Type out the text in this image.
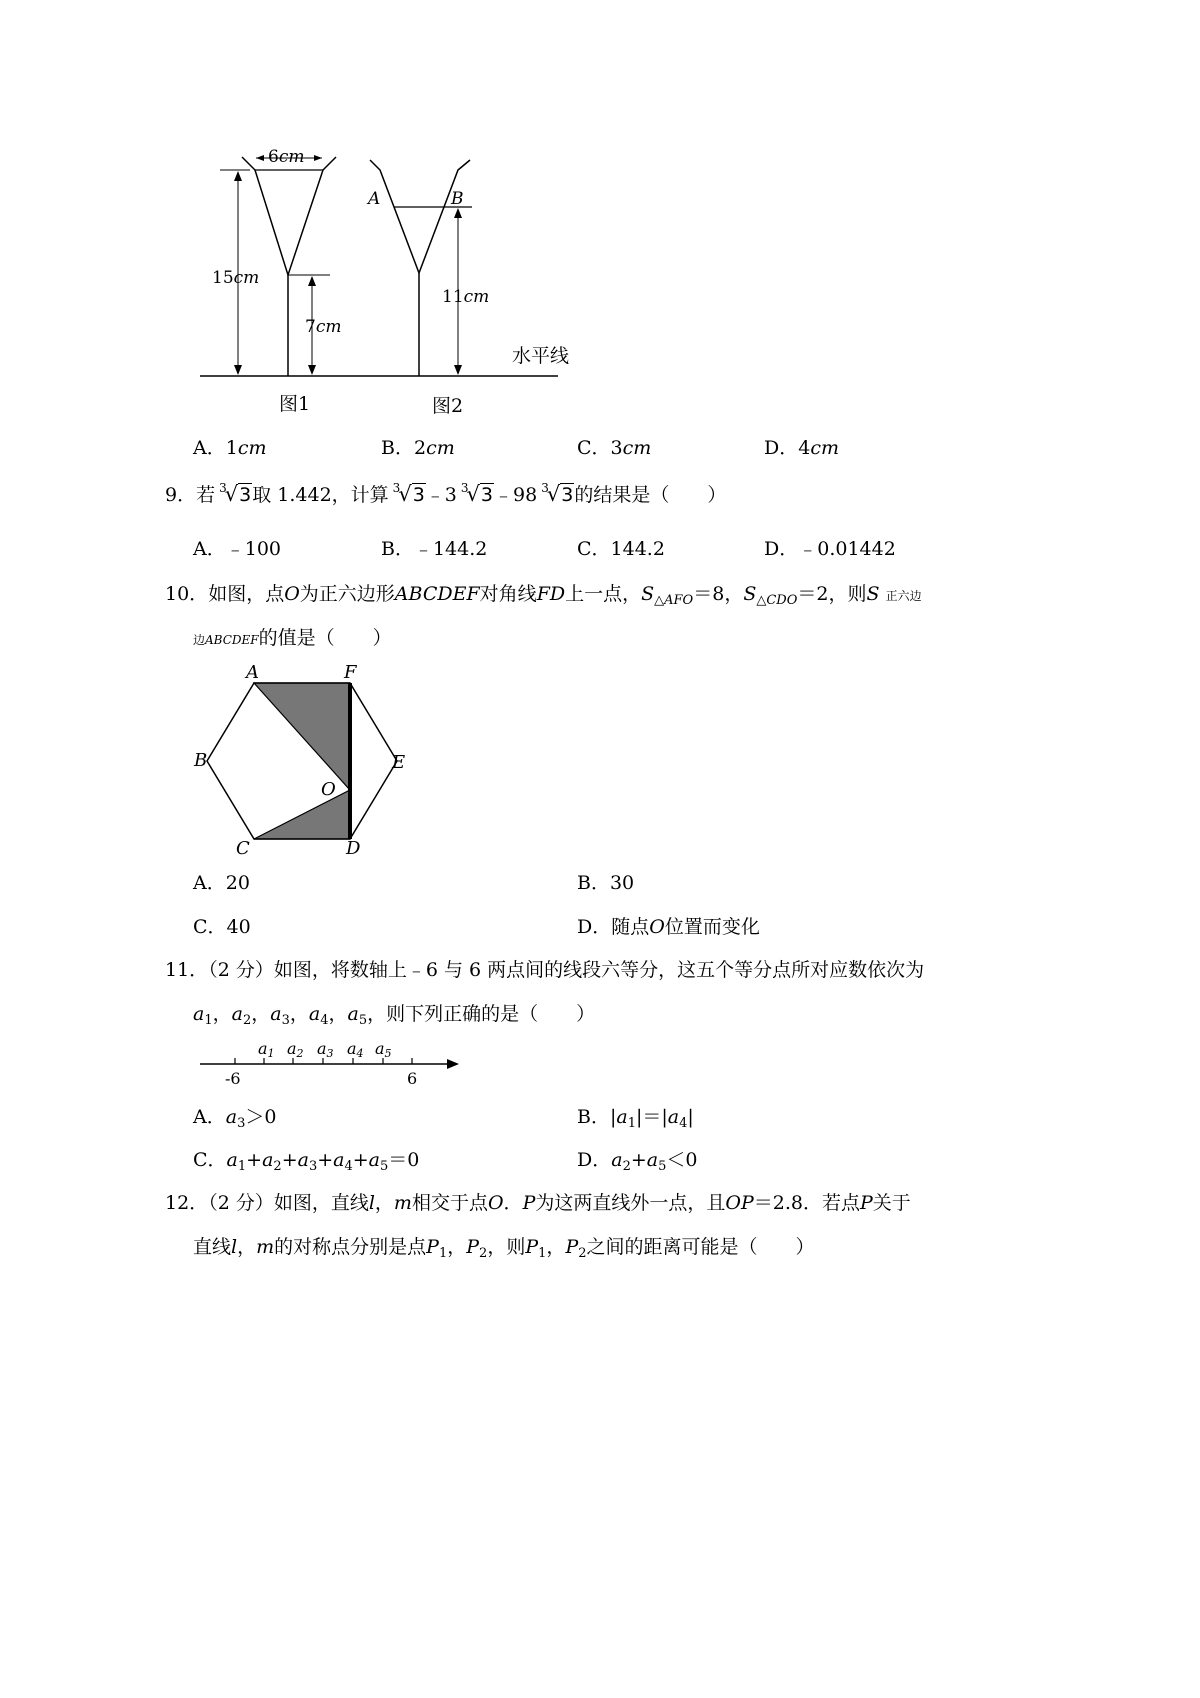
6cm
15cm
7cm
图1
A	B
11cm
图2
水平线
A．1cm	B．2cm	C．3cm	D．4cm
9．若 $^3$√3取 1.442，计算 $^3$√3﹣3 $^3$√3﹣98 $^3$√3的结果是（　　）
A．﹣100	B．﹣144.2	C．144.2	D．﹣0.01442
10．如图，点O为正六边形ABCDEF对角线FD上一点，$S_{\triangle AFO}=8$，$S_{\triangle CDO}=2$，则S 正六边
边ABCDEF的值是（　　）
A	F
B	E
O
C	D
A．20	B．30
C．40	D．随点O位置而变化
11．（2 分）如图，将数轴上﹣6 与 6 两点间的线段六等分，这五个等分点所对应数依次为
$a_1$，$a_2$，$a_3$，$a_4$，$a_5$，则下列正确的是（　　）
a1 a2 a3 a4 a5
-6	6
A．$a_3>0$	B．$|a_1|=|a_4|$
C．$a_1+a_2+a_3+a_4+a_5=0$	D．$a_2+a_5<0$
12．（2 分）如图，直线l，m相交于点O．P为这两直线外一点，且OP＝2.8．若点P关于
直线l，m的对称点分别是点$P_1$，$P_2$，则$P_1$，$P_2$之间的距离可能是（　　）
